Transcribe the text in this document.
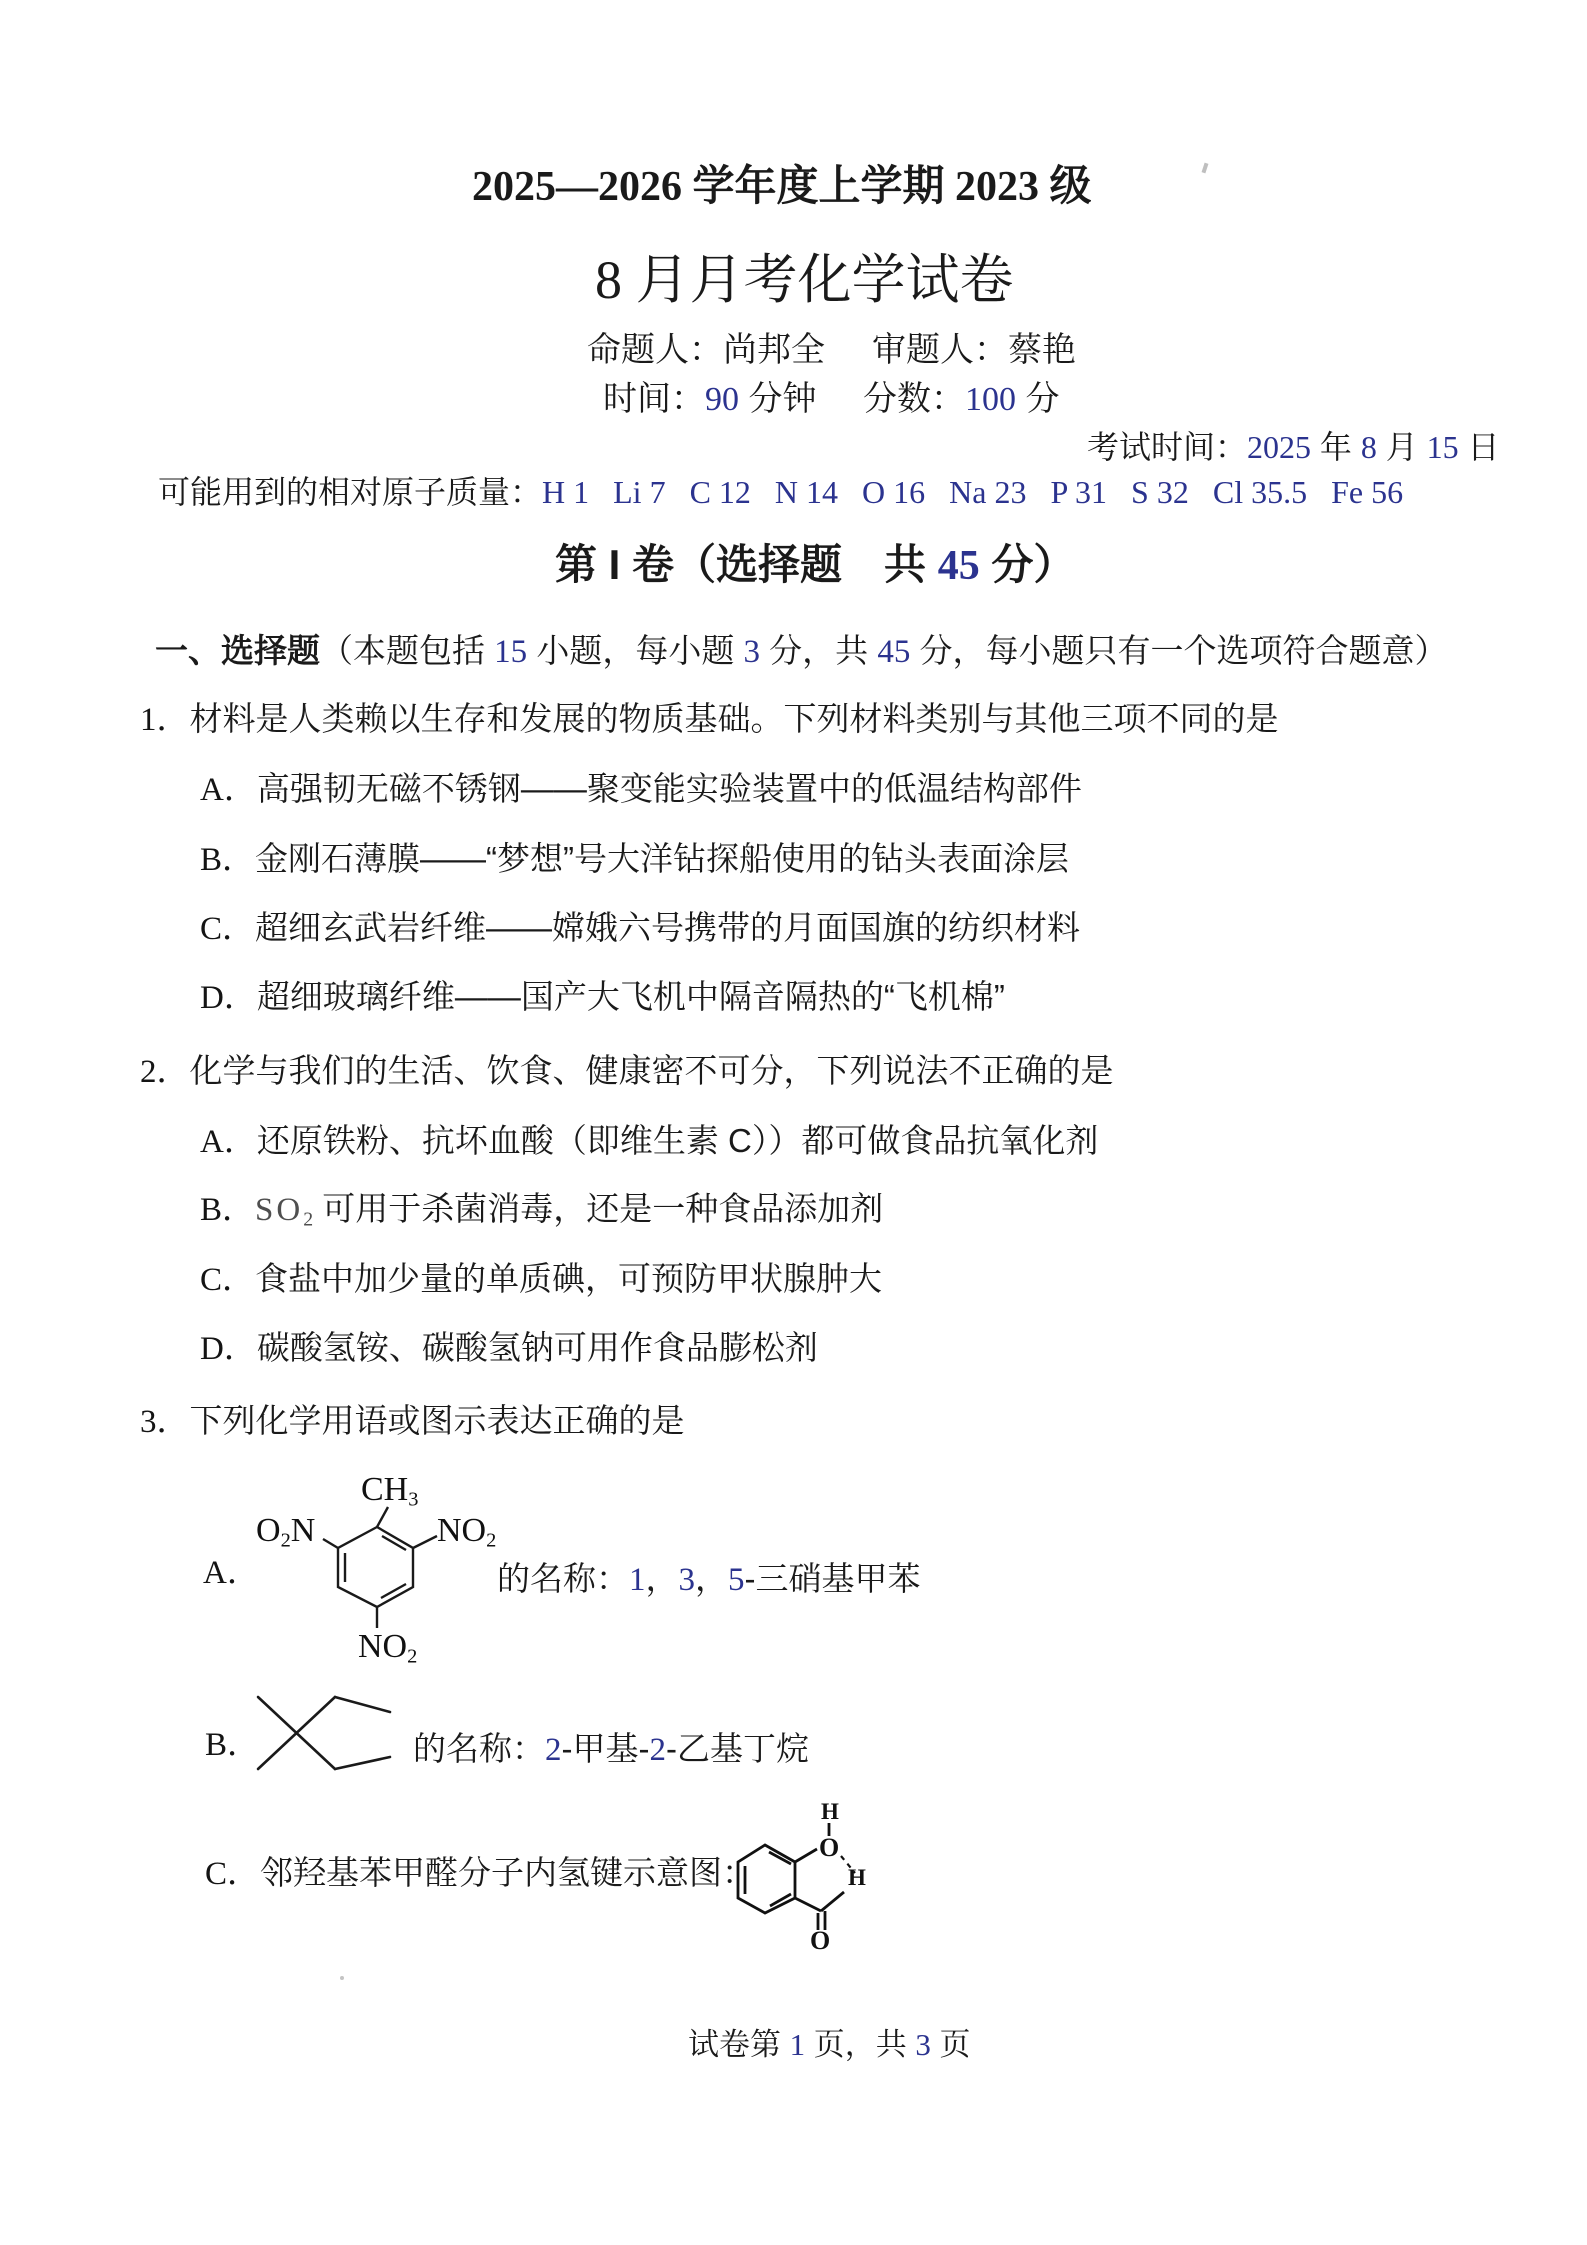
2025—2026 学年度上学期 2023 级
8 月月考化学试卷
命题人：尚邦全 审题人：蔡艳
时间：90 分钟 分数：100 分
考试时间：2025 年 8 月 15 日
可能用到的相对原子质量：H 1   Li 7   C 12   N 14   O 16   Na 23   P 31   S 32   Cl 35.5   Fe 56
第 I 卷（选择题　共 45 分）
一、选择题（本题包括 15 小题，每小题 3 分，共 45 分，每小题只有一个选项符合题意）
1．材料是人类赖以生存和发展的物质基础。下列材料类别与其他三项不同的是
A．高强韧无磁不锈钢——聚变能实验装置中的低温结构部件
B．金刚石薄膜——“梦想”号大洋钻探船使用的钻头表面涂层
C．超细玄武岩纤维——嫦娥六号携带的月面国旗的纺织材料
D．超细玻璃纤维——国产大飞机中隔音隔热的“飞机棉”
2．化学与我们的生活、饮食、健康密不可分，下列说法不正确的是
A．还原铁粉、抗坏血酸（即维生素 C））都可做食品抗氧化剂
B．SO2 可用于杀菌消毒，还是一种食品添加剂
C．食盐中加少量的单质碘，可预防甲状腺肿大
D．碳酸氢铵、碳酸氢钠可用作食品膨松剂
3．下列化学用语或图示表达正确的是
A．	的名称：1，3，5-三硝基甲苯
B．	的名称：2-甲基-2-乙基丁烷
C．邻羟基苯甲醛分子内氢键示意图：
CH3
O2N	NO2
NO2
H
O
H
O
试卷第 1 页，共 3 页
